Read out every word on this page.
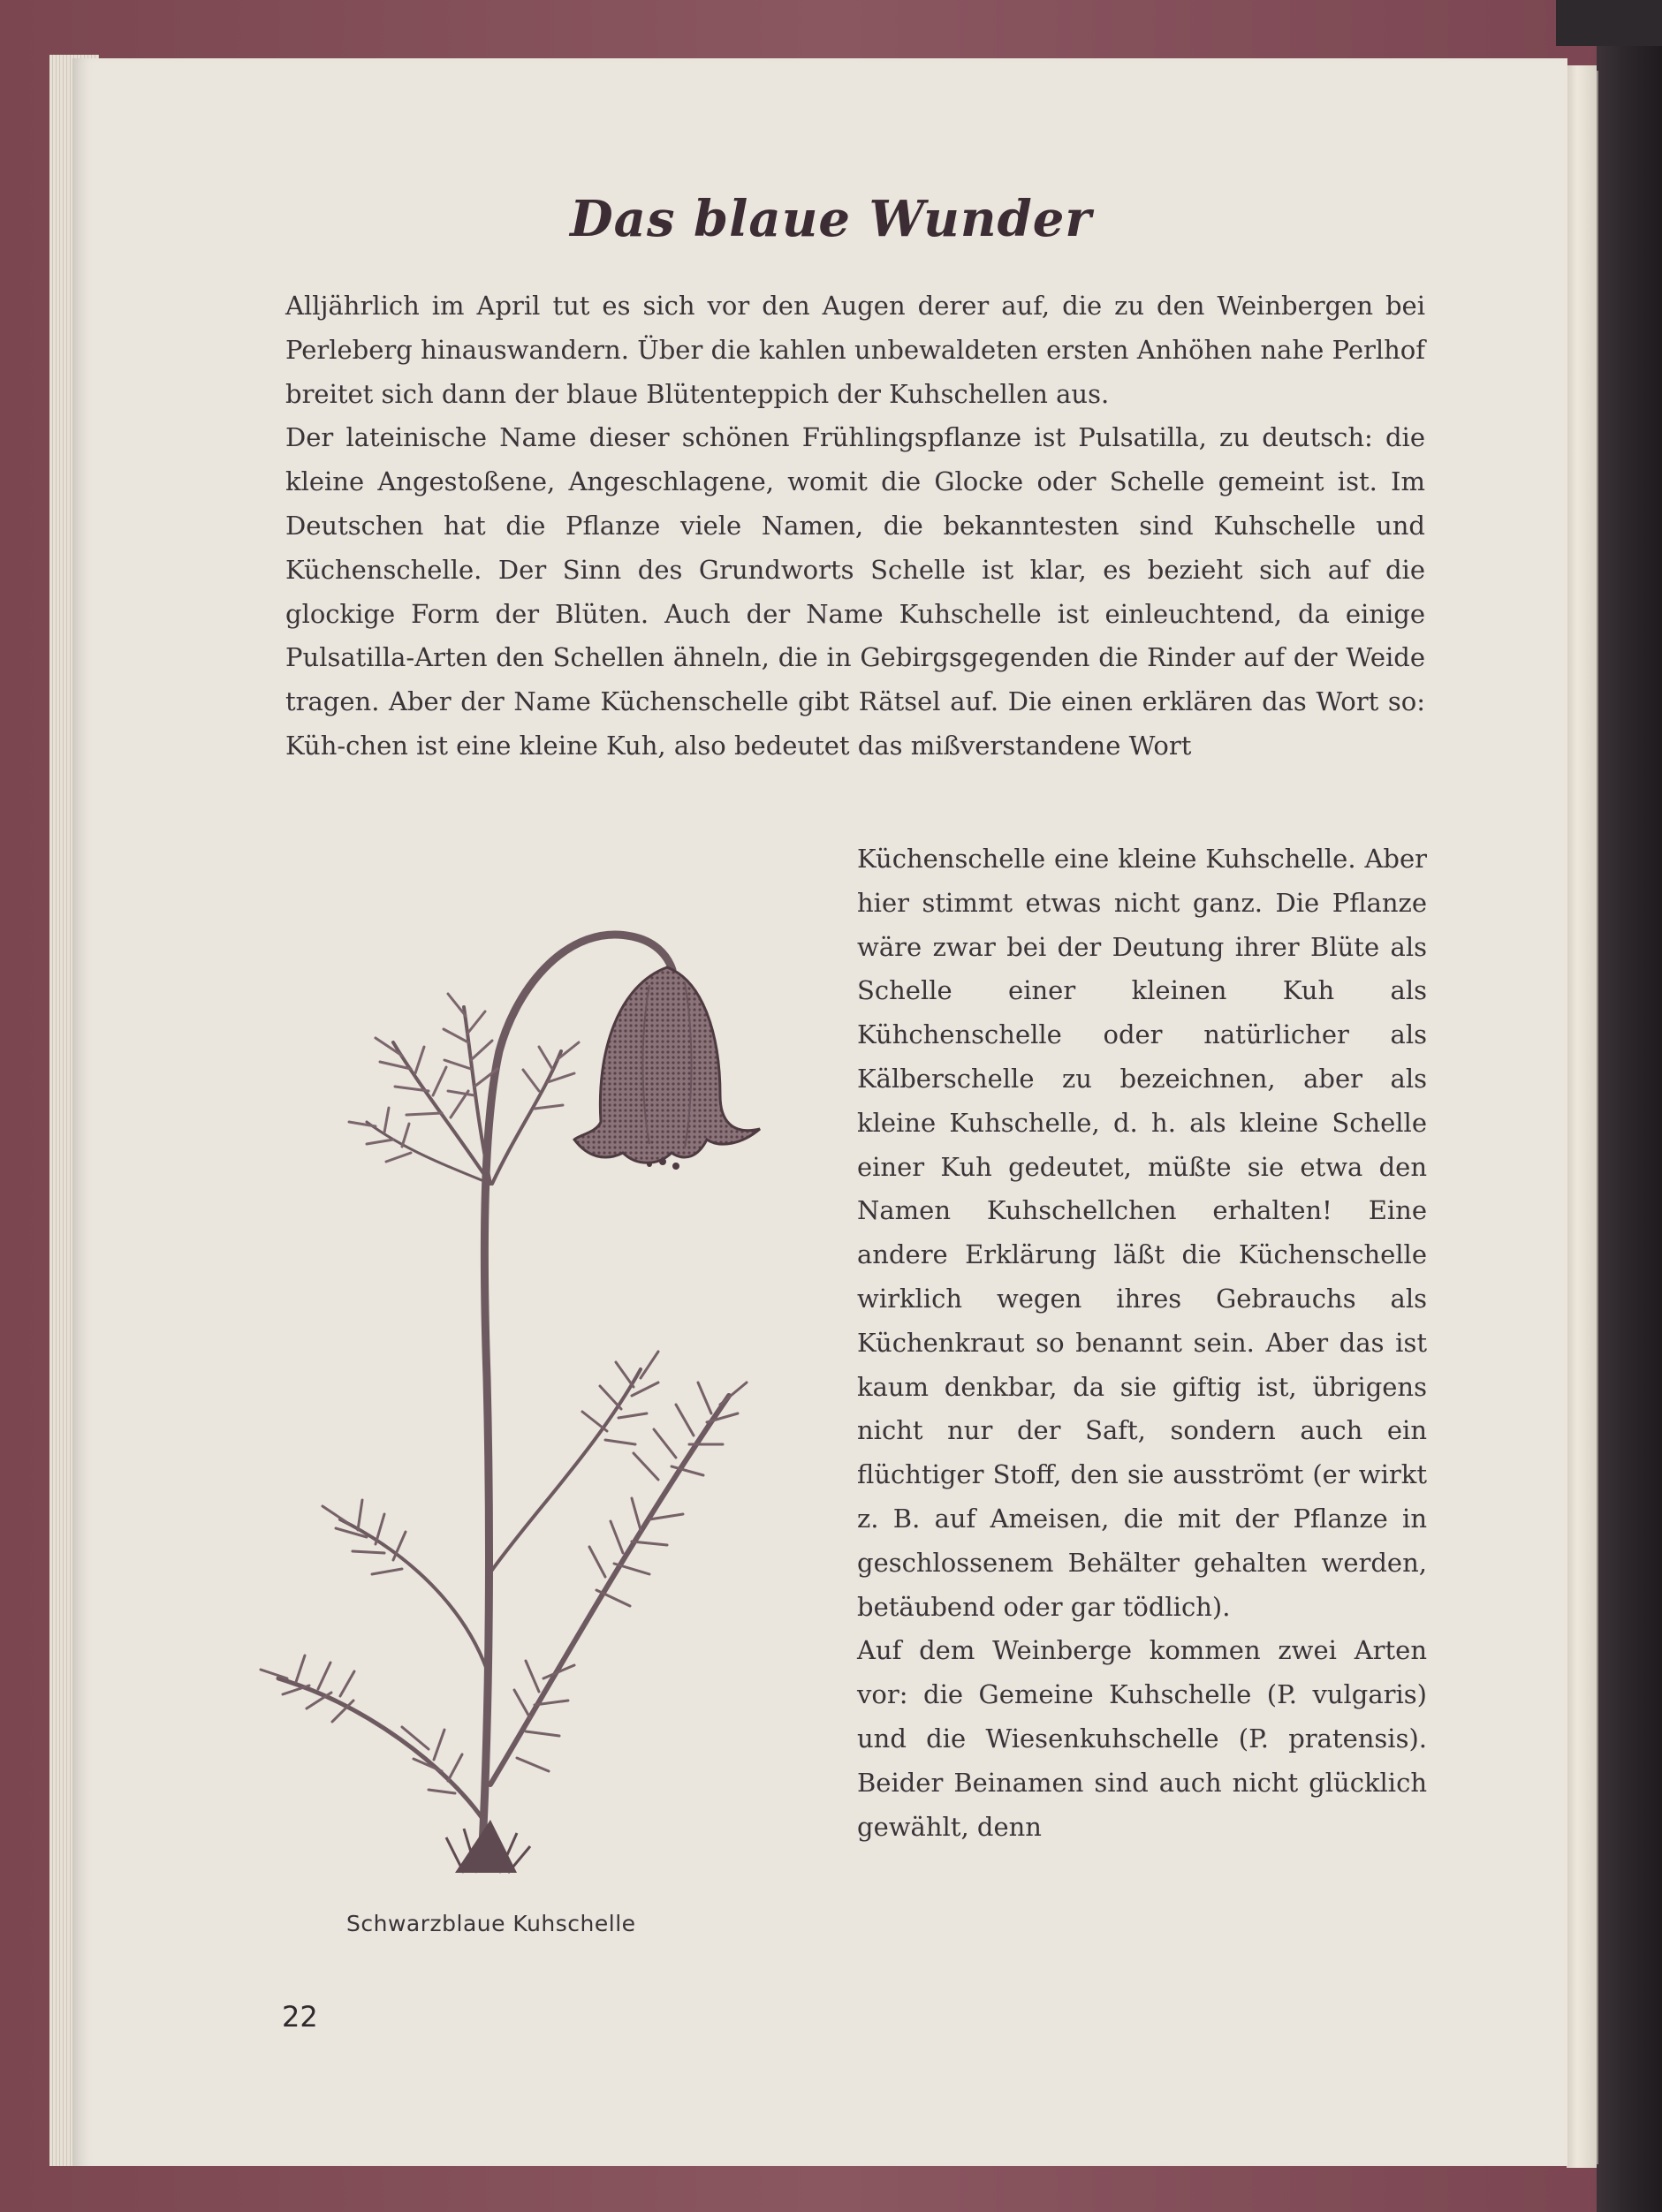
Das blaue Wunder

Alljährlich im April tut es sich vor den Augen derer auf, die zu den Weinbergen bei Perleberg hinauswandern. Über die kahlen unbewaldeten ersten Anhöhen nahe Perlhof breitet sich dann der blaue Blütenteppich der Kuhschellen aus.

Der lateinische Name dieser schönen Frühlingspflanze ist Pulsatilla, zu deutsch: die kleine Angestoßene, Angeschlagene, womit die Glocke oder Schelle gemeint ist. Im Deutschen hat die Pflanze viele Namen, die bekanntesten sind Kuhschelle und Küchenschelle. Der Sinn des Grundworts Schelle ist klar, es bezieht sich auf die glockige Form der Blüten. Auch der Name Kuhschelle ist einleuchtend, da einige Pulsatilla-Arten den Schellen ähneln, die in Gebirgsgegenden die Rinder auf der Weide tragen. Aber der Name Küchenschelle gibt Rätsel auf. Die einen erklären das Wort so: Küh-chen ist eine kleine Kuh, also bedeutet das mißverstandene Wort

Küchenschelle eine kleine Kuhschelle. Aber hier stimmt etwas nicht ganz. Die Pflanze wäre zwar bei der Deutung ihrer Blüte als Schelle einer kleinen Kuh als Kühchenschelle oder natürlicher als Kälberschelle zu bezeichnen, aber als kleine Kuhschelle, d. h. als kleine Schelle einer Kuh gedeutet, müßte sie etwa den Namen Kuhschellchen erhalten! Eine andere Erklärung läßt die Küchenschelle wirklich wegen ihres Gebrauchs als Küchenkraut so benannt sein. Aber das ist kaum denkbar, da sie giftig ist, übrigens nicht nur der Saft, sondern auch ein flüchtiger Stoff, den sie ausströmt (er wirkt z. B. auf Ameisen, die mit der Pflanze in geschlossenem Behälter gehalten werden, betäubend oder gar tödlich).

Auf dem Weinberge kommen zwei Arten vor: die Gemeine Kuhschelle (P. vulgaris) und die Wiesenkuhschelle (P. pratensis). Beider Beinamen sind auch nicht glücklich gewählt, denn

Schwarzblaue Kuhschelle
22
